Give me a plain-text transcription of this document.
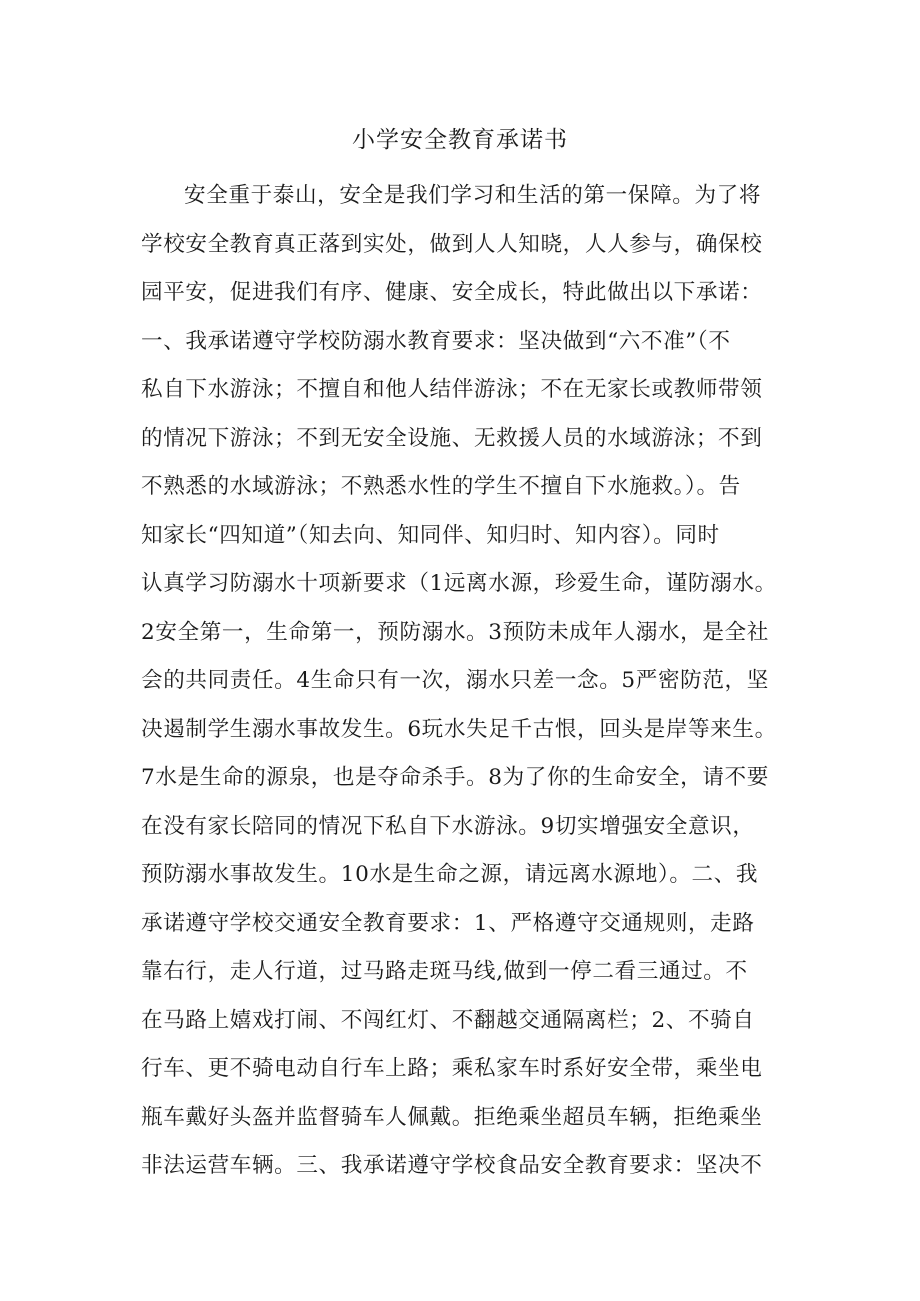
小学安全教育承诺书
安全重于泰山，安全是我们学习和生活的第一保障。为了将
学校安全教育真正落到实处，做到人人知晓，人人参与，确保校
园平安，促进我们有序、健康、安全成长，特此做出以下承诺：
一、我承诺遵守学校防溺水教育要求：坚决做到“六不准”（不
私自下水游泳；不擅自和他人结伴游泳；不在无家长或教师带领
的情况下游泳；不到无安全设施、无救援人员的水域游泳；不到
不熟悉的水域游泳；不熟悉水性的学生不擅自下水施救。）。告
知家长“四知道”（知去向、知同伴、知归时、知内容）。同时
认真学习防溺水十项新要求（1远离水源，珍爱生命，谨防溺水。
2安全第一，生命第一，预防溺水。3预防未成年人溺水，是全社
会的共同责任。4生命只有一次，溺水只差一念。5严密防范，坚
决遏制学生溺水事故发生。6玩水失足千古恨，回头是岸等来生。
7水是生命的源泉，也是夺命杀手。8为了你的生命安全，请不要
在没有家长陪同的情况下私自下水游泳。9切实增强安全意识，
预防溺水事故发生。10水是生命之源，请远离水源地）。二、我
承诺遵守学校交通安全教育要求：1、严格遵守交通规则，走路
靠右行，走人行道，过马路走斑马线,做到一停二看三通过。不
在马路上嬉戏打闹、不闯红灯、不翻越交通隔离栏；2、不骑自
行车、更不骑电动自行车上路；乘私家车时系好安全带，乘坐电
瓶车戴好头盔并监督骑车人佩戴。拒绝乘坐超员车辆，拒绝乘坐
非法运营车辆。三、我承诺遵守学校食品安全教育要求：坚决不
